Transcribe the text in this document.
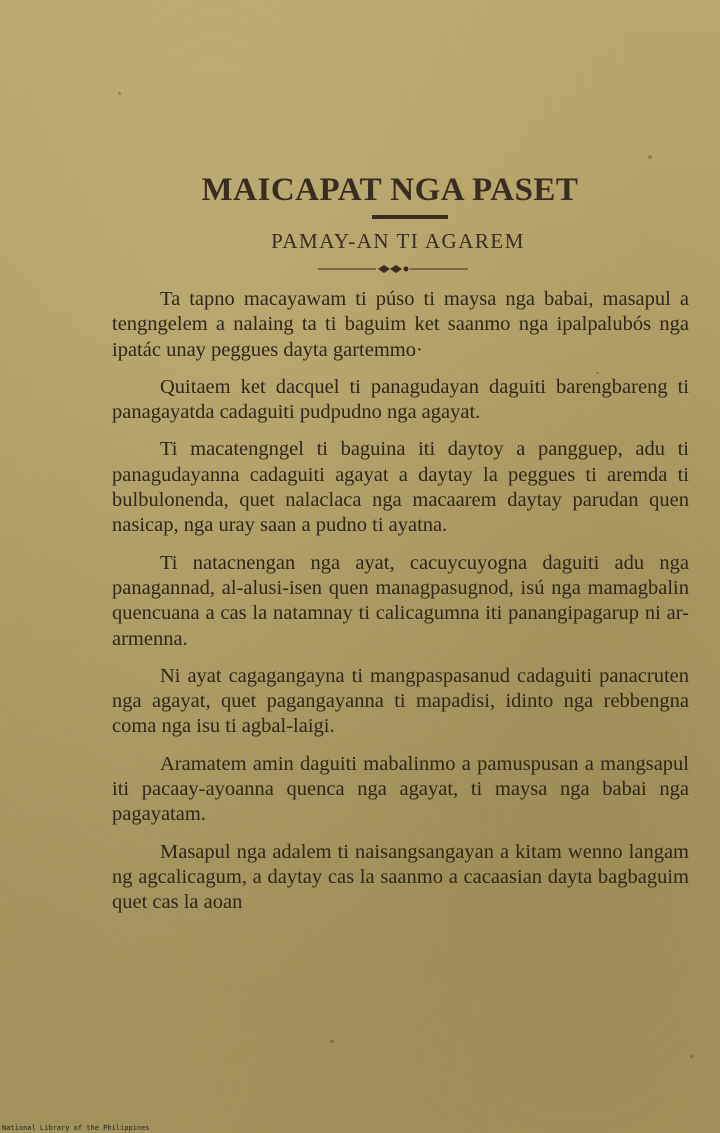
MAICAPAT NGA PASET
PAMAY-AN TI AGAREM

Ta tapno macayawam ti púso ti maysa nga babai, masapul a tengngelem a nalaing ta ti baguim ket saanmo nga ipalpalubós nga ipatác unay peggues dayta gartemmo·

Quitaem ket dacquel ti panagudayan daguiti barengbareng ti panagayatda cadaguiti pudpudno nga agayat.

Ti macatengngel ti baguina iti daytoy a panggueр, adu ti panagudayanna cadaguiti agayat a daytay la peggues ti aremda ti bulbulonenda, quet nalaclaca nga macaarem daytay parudan quen nasicap, nga uray saan a pudno ti ayatna.

Ti natacnengan nga ayat, cacuycuyogna daguiti adu nga panagannad, al-alusi-isen quen managpasugnod, isú nga mamagbalin quencuana a cas la natamnay ti calicagumna iti panangipagarup ni ar-armenna.

Ni ayat cagagangayna ti mangpaspasanud cadaguiti panacruten nga agayat, quet pagangayanna ti mapadisi, idinto nga rebbengna coma nga isu ti agbal-laigi.

Aramatem amin daguiti mabalinmo a pamuspusan a mangsapul iti pacaay-ayoanna quenca nga agayat, ti maysa nga babai nga pagayatam.

Masapul nga adalem ti naisangsangayan a kitam wenno langam ng agcalicagum, a daytay cas la saanmo a cacaasian dayta bagbaguim quet cas la aoan

National Library of the Philippines
